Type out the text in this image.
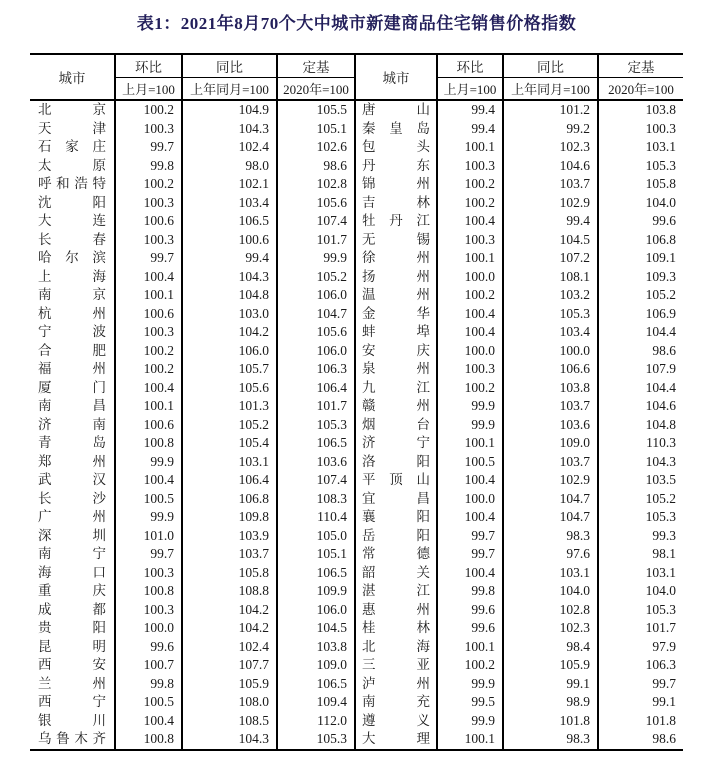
表1：2021年8月70个大中城市新建商品住宅销售价格指数
城市	环比	同比	定基	城市	环比	同比	定基
	上月=100	上年同月=100	2020年=100		上月=100	上年同月=100	2020年=100
北京	100.2	104.9	105.5	唐山	99.4	101.2	103.8
天津	100.3	104.3	105.1	秦皇岛	99.4	99.2	100.3
石家庄	99.7	102.4	102.6	包头	100.1	102.3	103.1
太原	99.8	98.0	98.6	丹东	100.3	104.6	105.3
呼和浩特	100.2	102.1	102.8	锦州	100.2	103.7	105.8
沈阳	100.3	103.4	105.6	吉林	100.2	102.9	104.0
大连	100.6	106.5	107.4	牡丹江	100.4	99.4	99.6
长春	100.3	100.6	101.7	无锡	100.3	104.5	106.8
哈尔滨	99.7	99.4	99.9	徐州	100.1	107.2	109.1
上海	100.4	104.3	105.2	扬州	100.0	108.1	109.3
南京	100.1	104.8	106.0	温州	100.2	103.2	105.2
杭州	100.6	103.0	104.7	金华	100.4	105.3	106.9
宁波	100.3	104.2	105.6	蚌埠	100.4	103.4	104.4
合肥	100.2	106.0	106.0	安庆	100.0	100.0	98.6
福州	100.2	105.7	106.3	泉州	100.3	106.6	107.9
厦门	100.4	105.6	106.4	九江	100.2	103.8	104.4
南昌	100.1	101.3	101.7	赣州	99.9	103.7	104.6
济南	100.6	105.2	105.3	烟台	99.9	103.6	104.8
青岛	100.8	105.4	106.5	济宁	100.1	109.0	110.3
郑州	99.9	103.1	103.6	洛阳	100.5	103.7	104.3
武汉	100.4	106.4	107.4	平顶山	100.4	102.9	103.5
长沙	100.5	106.8	108.3	宜昌	100.0	104.7	105.2
广州	99.9	109.8	110.4	襄阳	100.4	104.7	105.3
深圳	101.0	103.9	105.0	岳阳	99.7	98.3	99.3
南宁	99.7	103.7	105.1	常德	99.7	97.6	98.1
海口	100.3	105.8	106.5	韶关	100.4	103.1	103.1
重庆	100.8	108.8	109.9	湛江	99.8	104.0	104.0
成都	100.3	104.2	106.0	惠州	99.6	102.8	105.3
贵阳	100.0	104.2	104.5	桂林	99.6	102.3	101.7
昆明	99.6	102.4	103.8	北海	100.1	98.4	97.9
西安	100.7	107.7	109.0	三亚	100.2	105.9	106.3
兰州	99.8	105.9	106.5	泸州	99.9	99.1	99.7
西宁	100.5	108.0	109.4	南充	99.5	98.9	99.1
银川	100.4	108.5	112.0	遵义	99.9	101.8	101.8
乌鲁木齐	100.8	104.3	105.3	大理	100.1	98.3	98.6
